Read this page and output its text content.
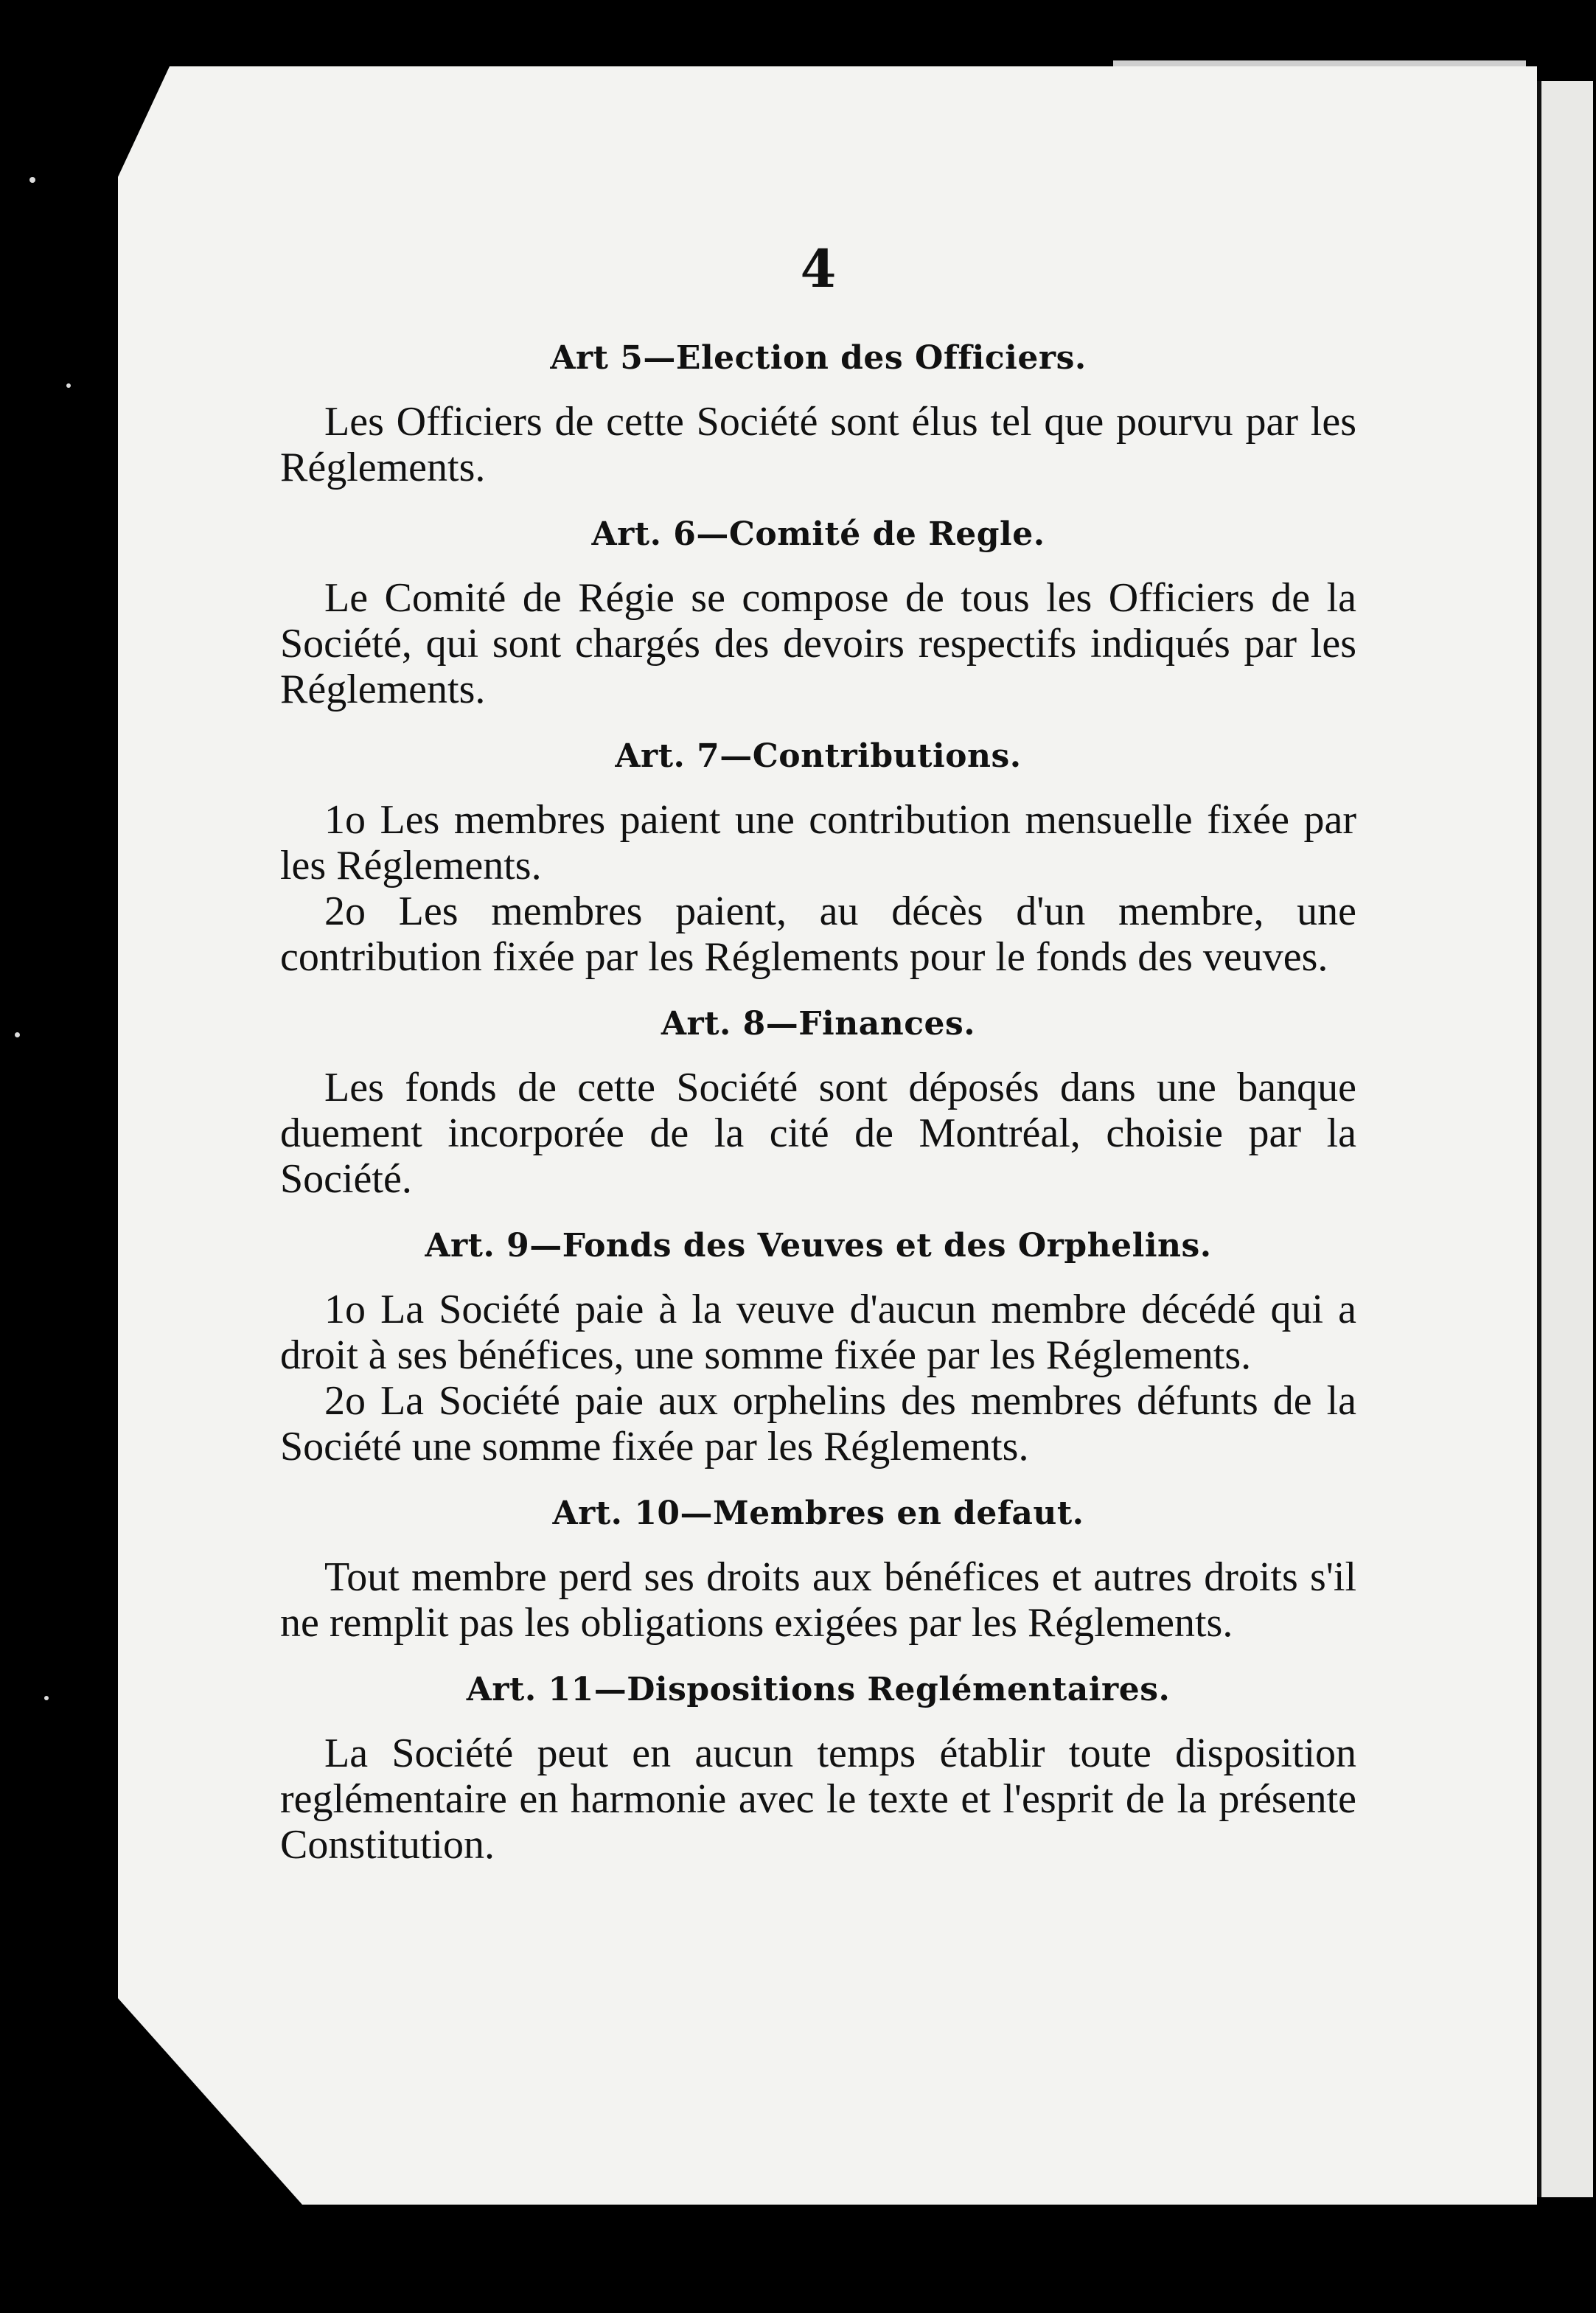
4
Art 5—Election des Officiers.

Les Officiers de cette Société sont élus tel que pourvu par les Réglements.

Art. 6—Comité de Regle.

Le Comité de Régie se compose de tous les Officiers de la Société, qui sont chargés des devoirs respectifs indiqués par les Réglements.

Art. 7—Contributions.

1o Les membres paient une contribution mensuelle fixée par les Réglements.

2o Les membres paient, au décès d'un membre, une contribution fixée par les Réglements pour le fonds des veuves.

Art. 8—Finances.

Les fonds de cette Société sont déposés dans une banque duement incorporée de la cité de Montréal, choisie par la Société.

Art. 9—Fonds des Veuves et des Orphelins.

1o La Société paie à la veuve d'aucun membre décédé qui a droit à ses bénéfices, une somme fixée par les Réglements.

2o La Société paie aux orphelins des membres défunts de la Société une somme fixée par les Réglements.

Art. 10—Membres en defaut.

Tout membre perd ses droits aux bénéfices et autres droits s'il ne remplit pas les obligations exigées par les Réglements.

Art. 11—Dispositions Reglémentaires.

La Société peut en aucun temps établir toute disposition reglémentaire en harmonie avec le texte et l'esprit de la présente Constitution.
